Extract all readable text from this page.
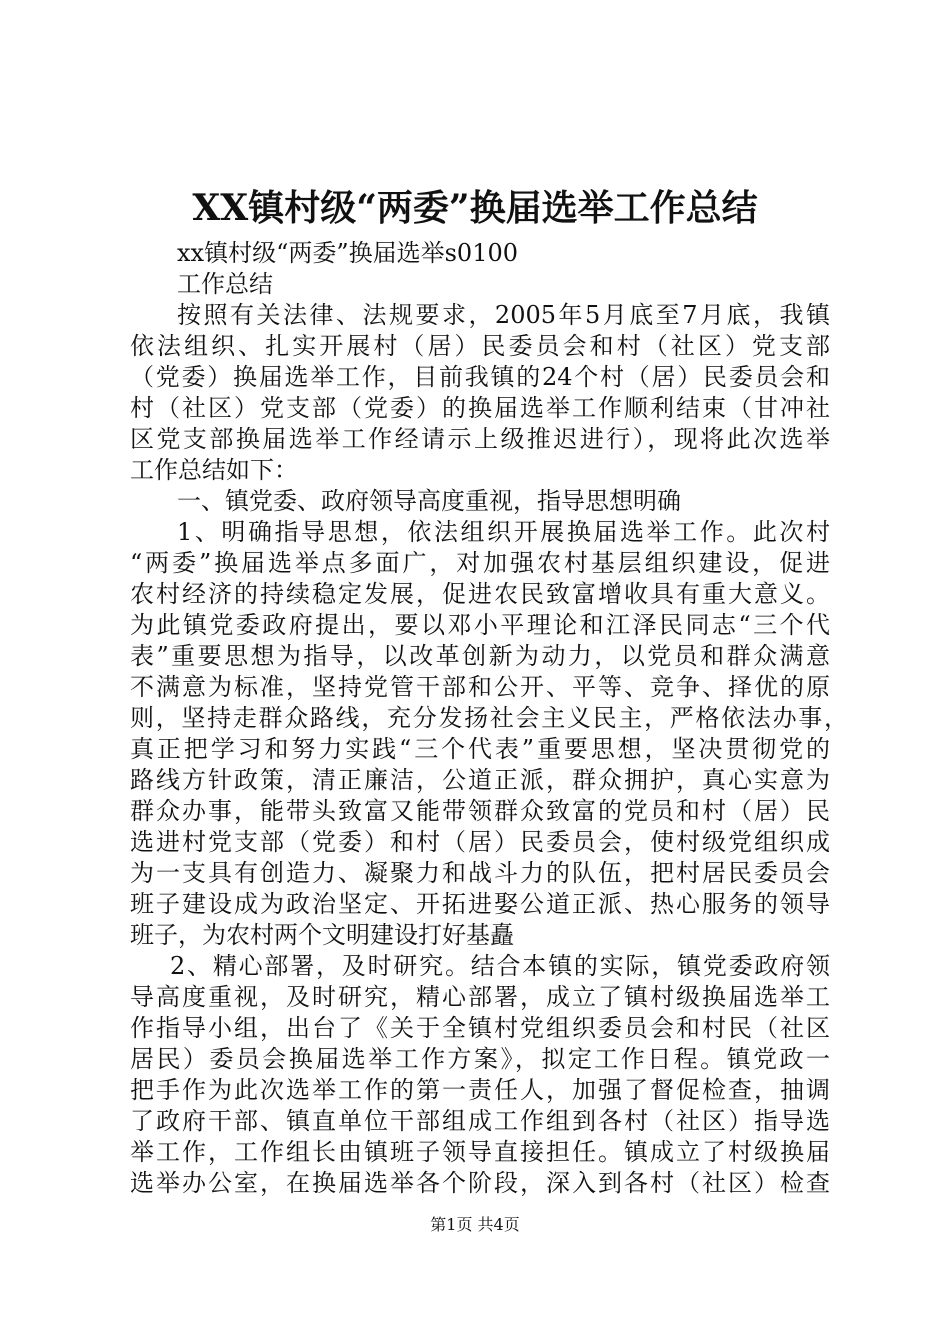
XX镇村级“两委”换届选举工作总结
xx镇村级“两委”换届选举s0100
工作总结
按照有关法律、法规要求，2005年5月底至7月底，我镇
依法组织、扎实开展村（居）民委员会和村（社区）党支部
（党委）换届选举工作，目前我镇的24个村（居）民委员会和
村（社区）党支部（党委）的换届选举工作顺利结束（甘冲社
区党支部换届选举工作经请示上级推迟进行），现将此次选举
工作总结如下：
一、镇党委、政府领导高度重视，指导思想明确
1、明确指导思想，依法组织开展换届选举工作。此次村
“两委”换届选举点多面广，对加强农村基层组织建设，促进
农村经济的持续稳定发展，促进农民致富增收具有重大意义。
为此镇党委政府提出，要以邓小平理论和江泽民同志“三个代
表”重要思想为指导，以改革创新为动力，以党员和群众满意
不满意为标准，坚持党管干部和公开、平等、竞争、择优的原
则，坚持走群众路线，充分发扬社会主义民主，严格依法办事，
真正把学习和努力实践“三个代表”重要思想，坚决贯彻党的
路线方针政策，清正廉洁，公道正派，群众拥护，真心实意为
群众办事，能带头致富又能带领群众致富的党员和村（居）民
选进村党支部（党委）和村（居）民委员会，使村级党组织成
为一支具有创造力、凝聚力和战斗力的队伍，把村居民委员会
班子建设成为政治坚定、开拓进娶公道正派、热心服务的领导
班子，为农村两个文明建设打好基矗
2、精心部署，及时研究。结合本镇的实际，镇党委政府领
导高度重视，及时研究，精心部署，成立了镇村级换届选举工
作指导小组，出台了《关于全镇村党组织委员会和村民（社区
居民）委员会换届选举工作方案》，拟定工作日程。镇党政一
把手作为此次选举工作的第一责任人，加强了督促检查，抽调
了政府干部、镇直单位干部组成工作组到各村（社区）指导选
举工作，工作组长由镇班子领导直接担任。镇成立了村级换届
选举办公室，在换届选举各个阶段，深入到各村（社区）检查
第1页 共4页
